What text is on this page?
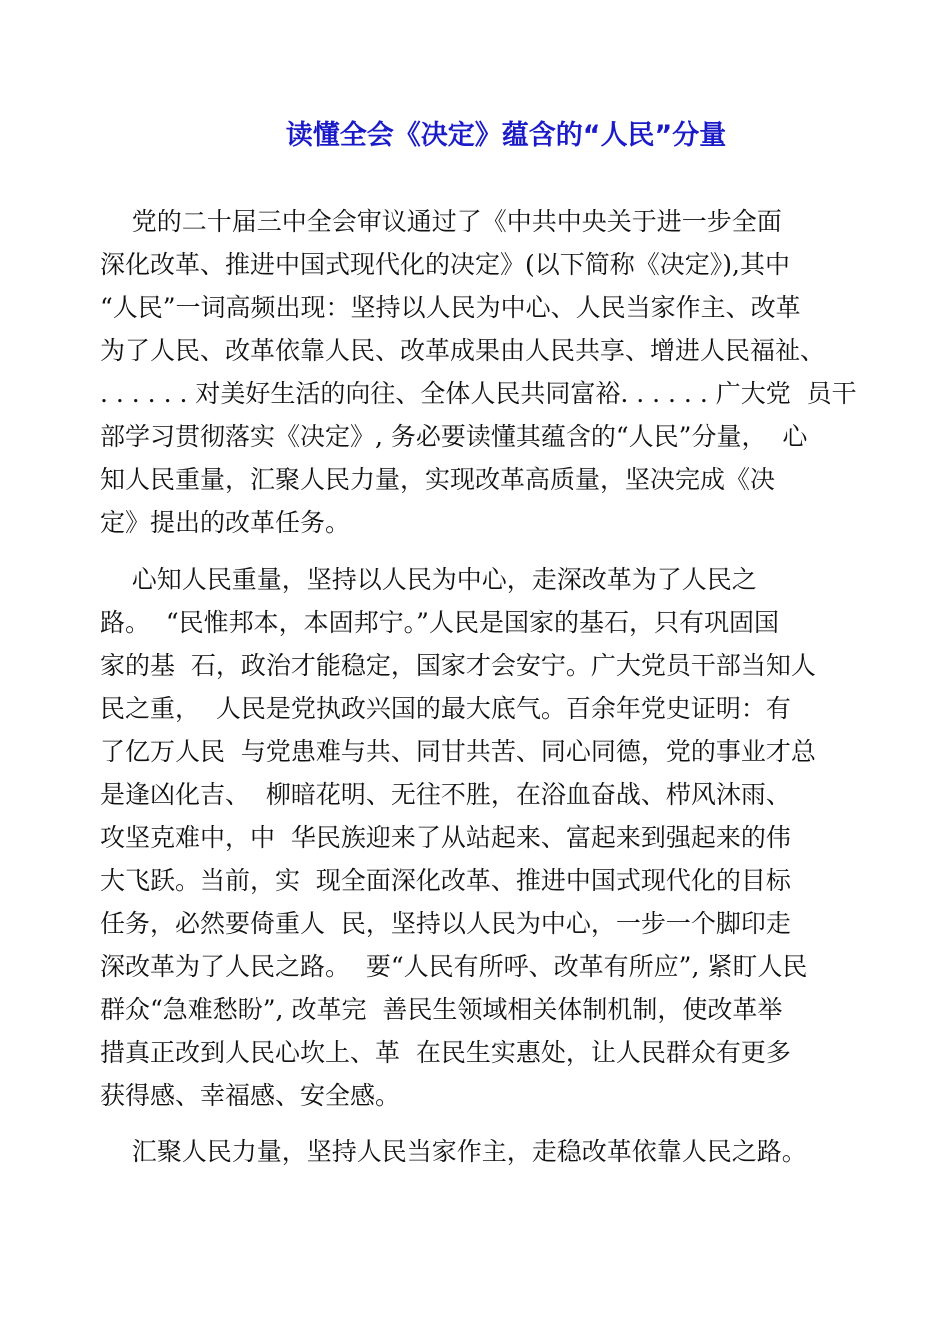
读懂全会《决定》蕴含的“人民”分量

党的二十届三中全会审议通过了《中共中央关于进一步全面

深化改革、推进中国式现代化的决定》(以下简称《决定》),其中

“人民”一词高频出现：坚持以人民为中心、人民当家作主、改革

为了人民、改革依靠人民、改革成果由人民共享、增进人民福祉、

. . . . . . 对美好生活的向往、全体人民共同富裕. . . . . . 广大党  员干

部学习贯彻落实《决定》, 务必要读懂其蕴含的“人民”分量，  心

知人民重量，汇聚人民力量，实现改革高质量，坚决完成《决

定》提出的改革任务。

心知人民重量，坚持以人民为中心，走深改革为了人民之

路。  “民惟邦本，本固邦宁。”人民是国家的基石，只有巩固国

家的基  石，政治才能稳定，国家才会安宁。广大党员干部当知人

民之重，  人民是党执政兴国的最大底气。百余年党史证明：有

了亿万人民  与党患难与共、同甘共苦、同心同德，党的事业才总

是逢凶化吉、  柳暗花明、无往不胜，在浴血奋战、栉风沐雨、

攻坚克难中，中  华民族迎来了从站起来、富起来到强起来的伟

大飞跃。当前，实  现全面深化改革、推进中国式现代化的目标

任务，必然要倚重人  民，坚持以人民为中心，一步一个脚印走

深改革为了人民之路。  要“人民有所呼、改革有所应”, 紧盯人民

群众“急难愁盼”, 改革完  善民生领域相关体制机制，使改革举

措真正改到人民心坎上、革  在民生实惠处，让人民群众有更多

获得感、幸福感、安全感。

汇聚人民力量，坚持人民当家作主，走稳改革依靠人民之路。
